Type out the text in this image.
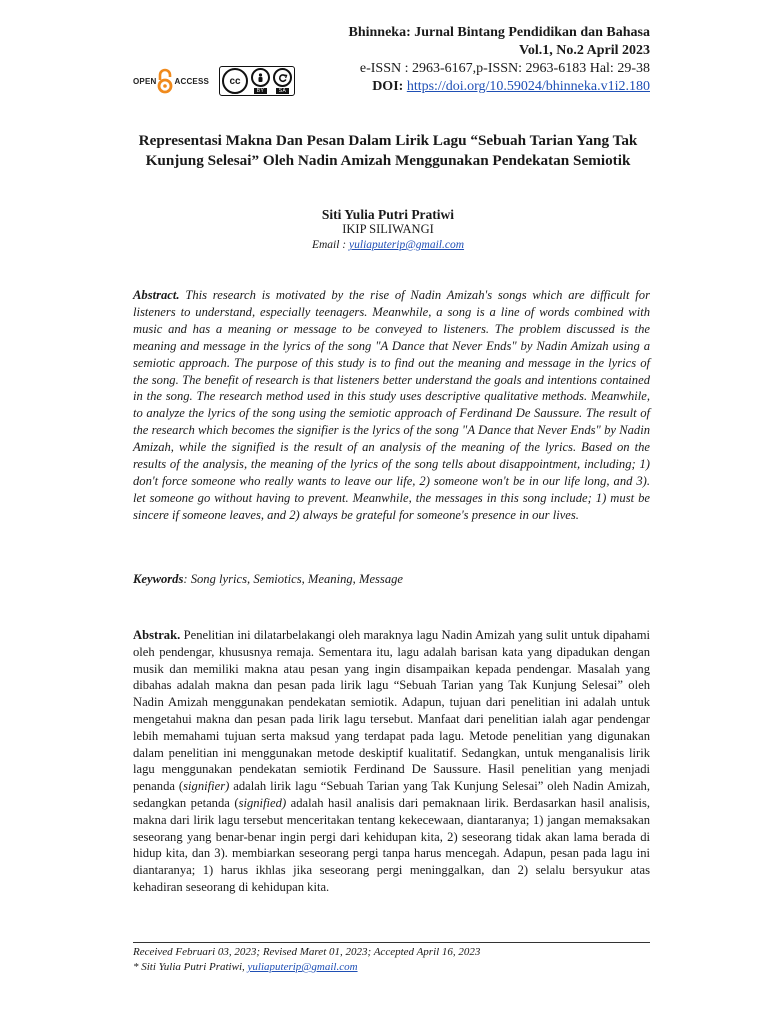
OPEN ACCESS	cc
BY	SA
Bhinneka: Jurnal Bintang Pendidikan dan Bahasa
Vol.1, No.2 April 2023
e-ISSN : 2963-6167,p-ISSN: 2963-6183 Hal: 29-38
DOI: https://doi.org/10.59024/bhinneka.v1i2.180
Representasi Makna Dan Pesan Dalam Lirik Lagu “Sebuah Tarian Yang Tak Kunjung Selesai” Oleh Nadin Amizah Menggunakan Pendekatan Semiotik
Siti Yulia Putri Pratiwi
IKIP SILIWANGI
Email : yuliaputerip@gmail.com
Abstract. This research is motivated by the rise of Nadin Amizah's songs which are difficult for listeners to understand, especially teenagers. Meanwhile, a song is a line of words combined with music and has a meaning or message to be conveyed to listeners. The problem discussed is the meaning and message in the lyrics of the song "A Dance that Never Ends" by Nadin Amizah using a semiotic approach. The purpose of this study is to find out the meaning and message in the lyrics of the song. The benefit of research is that listeners better understand the goals and intentions contained in the song. The research method used in this study uses descriptive qualitative methods. Meanwhile, to analyze the lyrics of the song using the semiotic approach of Ferdinand De Saussure. The result of the research which becomes the signifier is the lyrics of the song "A Dance that Never Ends" by Nadin Amizah, while the signified is the result of an analysis of the meaning of the lyrics. Based on the results of the analysis, the meaning of the lyrics of the song tells about disappointment, including; 1) don't force someone who really wants to leave our life, 2) someone won't be in our life long, and 3). let someone go without having to prevent. Meanwhile, the messages in this song include; 1) must be sincere if someone leaves, and 2) always be grateful for someone's presence in our lives.
Keywords: Song lyrics, Semiotics, Meaning, Message
Abstrak. Penelitian ini dilatarbelakangi oleh maraknya lagu Nadin Amizah yang sulit untuk dipahami oleh pendengar, khususnya remaja. Sementara itu, lagu adalah barisan kata yang dipadukan dengan musik dan memiliki makna atau pesan yang ingin disampaikan kepada pendengar. Masalah yang dibahas adalah makna dan pesan pada lirik lagu “Sebuah Tarian yang Tak Kunjung Selesai” oleh Nadin Amizah menggunakan pendekatan semiotik. Adapun, tujuan dari penelitian ini adalah untuk mengetahui makna dan pesan pada lirik lagu tersebut. Manfaat dari penelitian ialah agar pendengar lebih memahami tujuan serta maksud yang terdapat pada lagu. Metode penelitian yang digunakan dalam penelitian ini menggunakan metode deskiptif kualitatif. Sedangkan, untuk menganalisis lirik lagu menggunakan pendekatan semiotik Ferdinand De Saussure. Hasil penelitian yang menjadi penanda (signifier) adalah lirik lagu “Sebuah Tarian yang Tak Kunjung Selesai” oleh Nadin Amizah, sedangkan petanda (signified) adalah hasil analisis dari pemaknaan lirik. Berdasarkan hasil analisis, makna dari lirik lagu tersebut menceritakan tentang kekecewaan, diantaranya; 1) jangan memaksakan seseorang yang benar-benar ingin pergi dari kehidupan kita, 2) seseorang tidak akan lama berada di hidup kita, dan 3). membiarkan seseorang pergi tanpa harus mencegah. Adapun, pesan pada lagu ini diantaranya; 1) harus ikhlas jika seseorang pergi meninggalkan, dan 2) selalu bersyukur atas kehadiran seseorang di kehidupan kita.
Received Februari 03, 2023; Revised Maret 01, 2023; Accepted April 16, 2023
* Siti Yulia Putri Pratiwi, yuliaputerip@gmail.com
